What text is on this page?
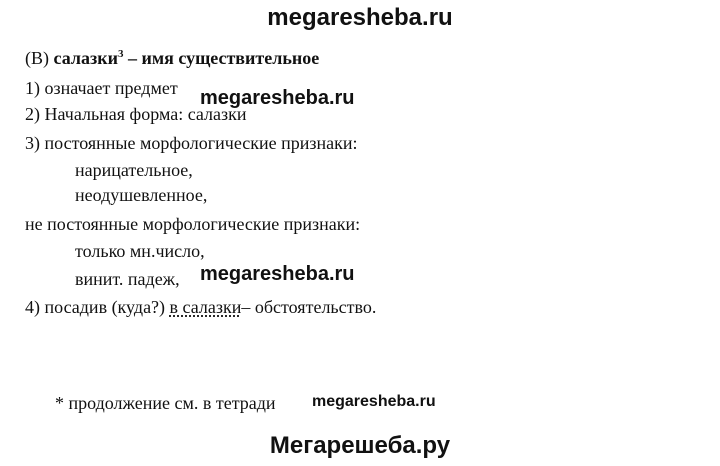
megaresheba.ru
(В) салазки$^3$ – имя существительное
1) означает предмет megaresheba.ru
2) Начальная форма: салазки
3) постоянные морфологические признаки:
нарицательное,
неодушевленное,
не постоянные морфологические признаки:
только мн.число,
винит. падеж, megaresheba.ru
4) посадив (куда?) в салазки– обстоятельство.
* продолжение см. в тетради megaresheba.ru
Мегарешеба.ру
